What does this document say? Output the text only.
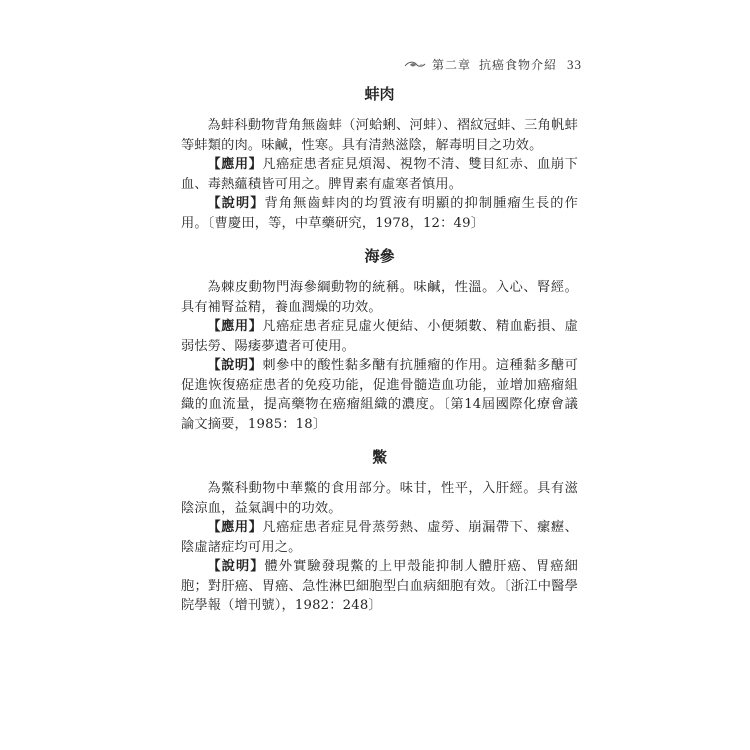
第二章 抗癌食物介紹 33
蚌肉

為蚌科動物背角無齒蚌（河蛤蜊、河蚌）、褶紋冠蚌、三角帆蚌等蚌類的肉。味鹹，性寒。具有清熱滋陰，解毒明目之功效。

【應用】凡癌症患者症見煩渴、視物不清、雙目紅赤、血崩下血、毒熱蘊積皆可用之。脾胃素有虛寒者慎用。

【說明】背角無齒蚌肉的均質液有明顯的抑制腫瘤生長的作用。〔曹慶田，等，中草藥研究，1978，12：49〕

海參

為棘皮動物門海參綱動物的統稱。味鹹，性溫。入心、腎經。具有補腎益精，養血潤燥的功效。

【應用】凡癌症患者症見虛火便結、小便頻數、精血虧損、虛弱怯勞、陽痿夢遺者可使用。

【說明】刺參中的酸性黏多醣有抗腫瘤的作用。這種黏多醣可促進恢復癌症患者的免疫功能，促進骨髓造血功能，並增加癌瘤組織的血流量，提高藥物在癌瘤組織的濃度。〔第14屆國際化療會議論文摘要，1985：18〕

鱉

為鱉科動物中華鱉的食用部分。味甘，性平，入肝經。具有滋陰涼血，益氣調中的功效。

【應用】凡癌症患者症見骨蒸勞熱、虛勞、崩漏帶下、瘰癧、陰虛諸症均可用之。

【說明】體外實驗發現鱉的上甲殼能抑制人體肝癌、胃癌細胞；對肝癌、胃癌、急性淋巴細胞型白血病細胞有效。〔浙江中醫學院學報（增刊號），1982：248〕
